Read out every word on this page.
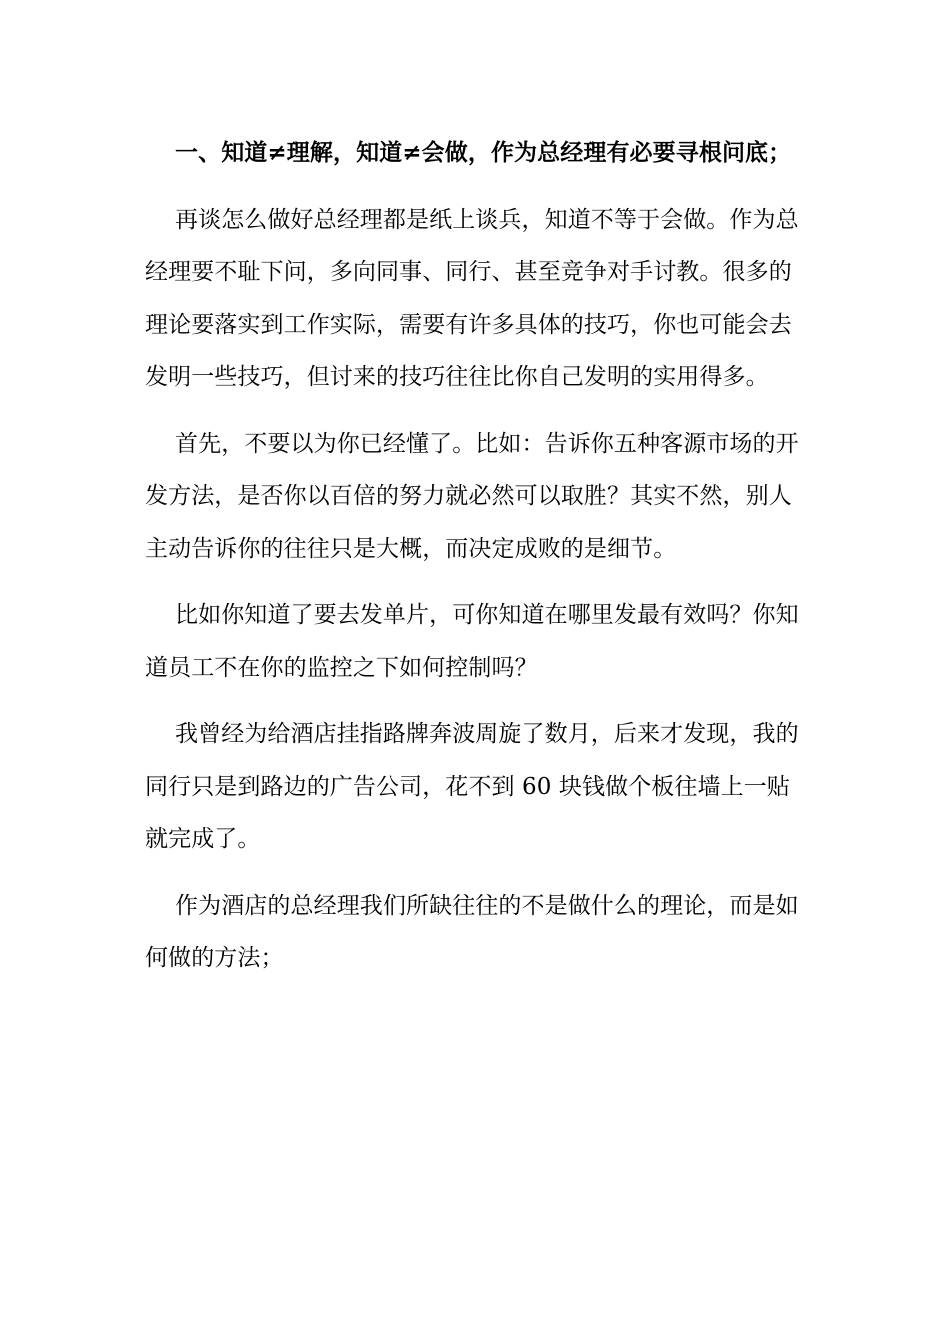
一、知道≠理解，知道≠会做，作为总经理有必要寻根问底；

再谈怎么做好总经理都是纸上谈兵，知道不等于会做。作为总经理要不耻下问，多向同事、同行、甚至竞争对手讨教。很多的理论要落实到工作实际，需要有许多具体的技巧，你也可能会去发明一些技巧，但讨来的技巧往往比你自己发明的实用得多。

首先，不要以为你已经懂了。比如：告诉你五种客源市场的开发方法，是否你以百倍的努力就必然可以取胜？其实不然，别人主动告诉你的往往只是大概，而决定成败的是细节。

比如你知道了要去发单片，可你知道在哪里发最有效吗？你知道员工不在你的监控之下如何控制吗？

我曾经为给酒店挂指路牌奔波周旋了数月，后来才发现，我的同行只是到路边的广告公司，花不到 60 块钱做个板往墙上一贴就完成了。

作为酒店的总经理我们所缺往往的不是做什么的理论，而是如何做的方法；
